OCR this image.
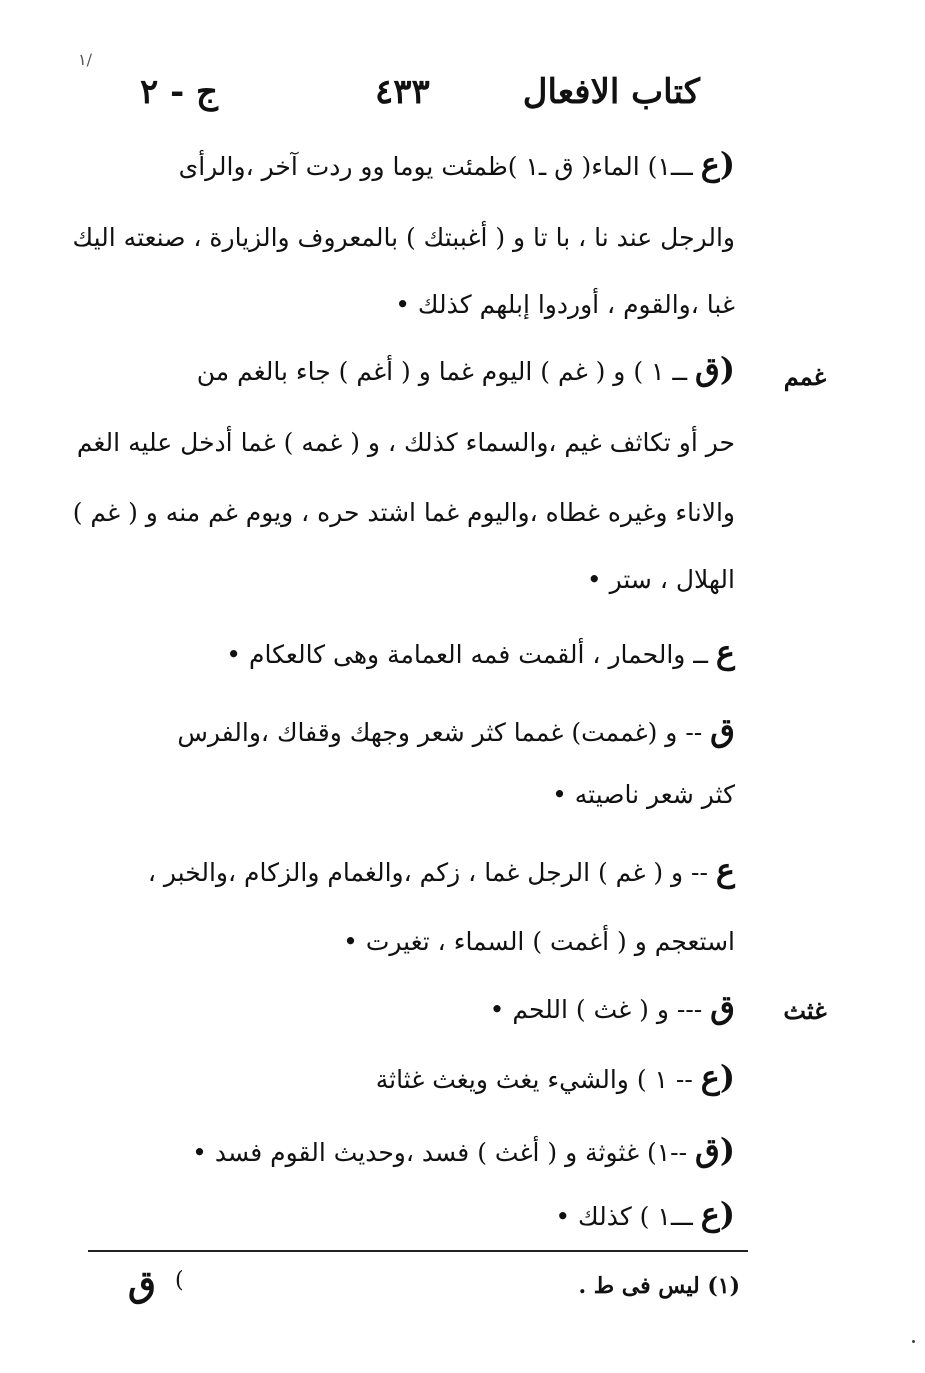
١/
كتاب الافعال
٤٣٣
ج - ٢
غمم
غثث
(ع ـــ١) الماء( ق ـ١ )ظمئت يوما وو ردت آخر ،والرأى
والرجل عند نا ، با تا و ( أغببتك ) بالمعروف والزيارة ، صنعته اليك
غبا ،والقوم ، أوردوا إبلهم كذلك •
(ق ــ ١ ) و ( غم ) اليوم غما و ( أغم ) جاء بالغم من
حر أو تكاثف غيم ،والسماء كذلك ، و ( غمه ) غما أدخل عليه الغم
والاناء وغيره غطاه ،واليوم غما اشتد حره ، ويوم غم منه و ( غم )
الهلال ، ستر •
ع ــ والحمار ، ألقمت فمه العمامة وهى كالعكام •
ق -- و (غممت) غمما كثر شعر وجهك وقفاك ،والفرس
كثر شعر ناصيته •
ع -- و ( غم ) الرجل غما ، زكم ،والغمام والزكام ،والخبر ،
استعجم و ( أغمت ) السماء ، تغيرت •
ق --- و ( غث ) اللحم •
(ع -- ١ ) والشيء يغث ويغث غثاثة
(ق --١) غثوثة و ( أغث ) فسد ،وحديث القوم فسد •
(ع ـــ١ ) كذلك •
(١) ليس فى ط .
ق (
